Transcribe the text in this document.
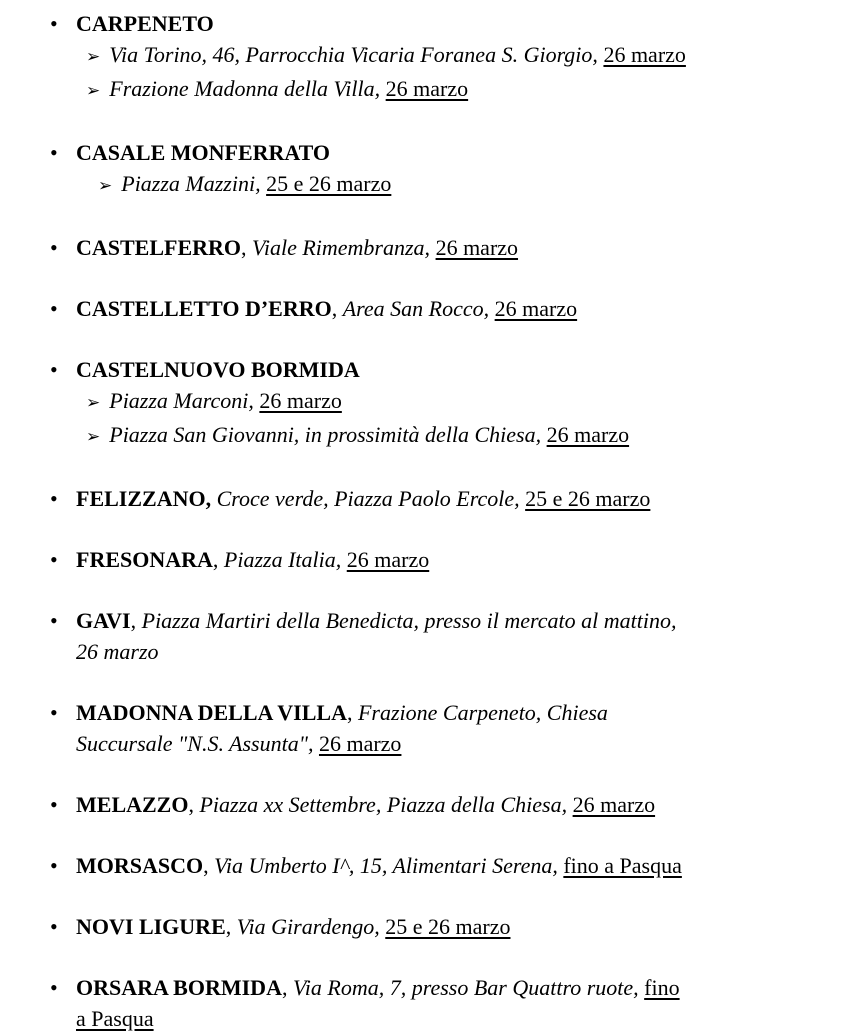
• CARPENETO

➢ Via Torino, 46, Parrocchia Vicaria Foranea S. Giorgio, 26 marzo

➢ Frazione Madonna della Villa, 26 marzo

• CASALE MONFERRATO

➢ Piazza Mazzini, 25 e 26 marzo

• CASTELFERRO, Viale Rimembranza, 26 marzo

• CASTELLETTO D’ERRO, Area San Rocco, 26 marzo

• CASTELNUOVO BORMIDA

➢ Piazza Marconi, 26 marzo

➢ Piazza San Giovanni, in prossimità della Chiesa, 26 marzo

• FELIZZANO, Croce verde, Piazza Paolo Ercole, 25 e 26 marzo

• FRESONARA, Piazza Italia, 26 marzo

• GAVI, Piazza Martiri della Benedicta, presso il mercato al mattino,

26 marzo

• MADONNA DELLA VILLA, Frazione Carpeneto, Chiesa

Succursale "N.S. Assunta", 26 marzo

• MELAZZO, Piazza xx Settembre, Piazza della Chiesa, 26 marzo

• MORSASCO, Via Umberto I^, 15, Alimentari Serena, fino a Pasqua

• NOVI LIGURE, Via Girardengo, 25 e 26 marzo

• ORSARA BORMIDA, Via Roma, 7, presso Bar Quattro ruote, fino

a Pasqua
